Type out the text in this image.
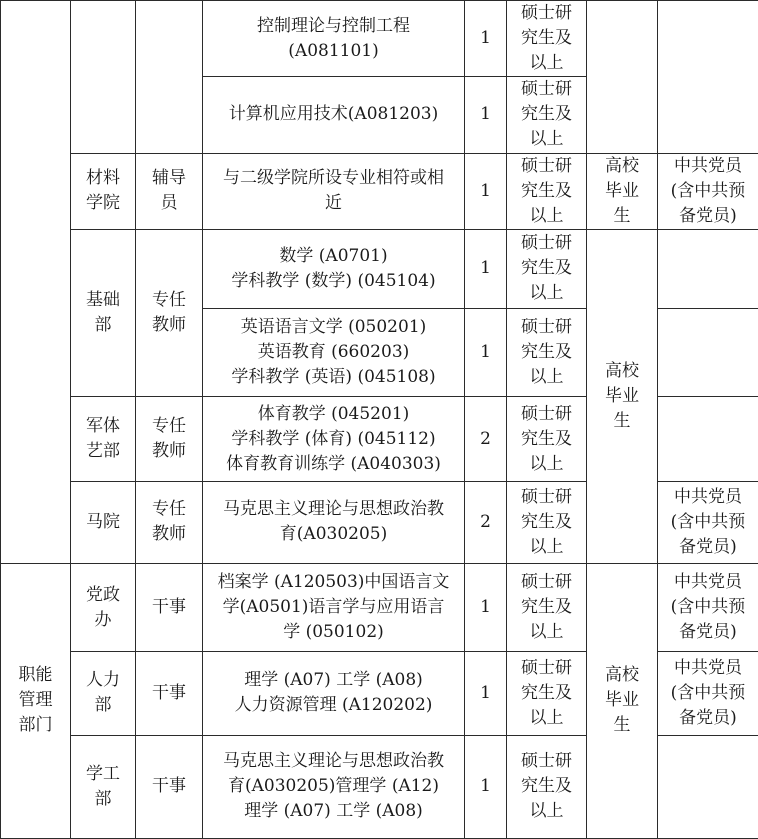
			控制理论与控制工程
(A081101)	1	硕士研
究生及
以上		

			计算机应用技术(A081203)	1	硕士研
究生及
以上		

	材料
学院	辅导
员	与二级学院所设专业相符或相
近	1	硕士研
究生及
以上	高校
毕业
生	中共党员
(含中共预
备党员)

	基础
部	专任
教师	数学 (A0701)
学科教学 (数学) (045104)	1	硕士研
究生及
以上	高校
毕业
生	

			英语语言文学 (050201)
英语教育 (660203)
学科教学 (英语) (045108)	1	硕士研
究生及
以上		

	军体
艺部	专任
教师	体育教学 (045201)
学科教学 (体育) (045112)
体育教育训练学 (A040303)	2	硕士研
究生及
以上		

	马院	专任
教师	马克思主义理论与思想政治教
育(A030205)	2	硕士研
究生及
以上		中共党员
(含中共预
备党员)

职能
管理
部门	党政
办	干事	档案学 (A120503)中国语言文
学(A0501)语言学与应用语言
学 (050102)	1	硕士研
究生及
以上	高校
毕业
生	中共党员
(含中共预
备党员)

	人力
部	干事	理学 (A07) 工学 (A08)
人力资源管理 (A120202)	1	硕士研
究生及
以上		中共党员
(含中共预
备党员)

	学工
部	干事	马克思主义理论与思想政治教
育(A030205)管理学 (A12)
理学 (A07) 工学 (A08)	1	硕士研
究生及
以上		
